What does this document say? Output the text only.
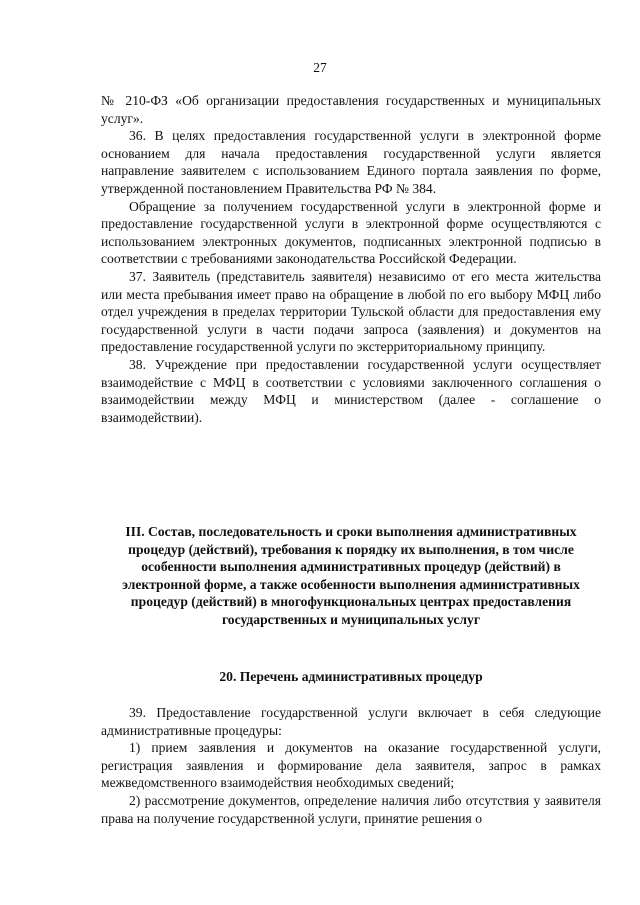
27

№ 210-ФЗ «Об организации предоставления государственных и муниципальных услуг».

36. В целях предоставления государственной услуги в электронной форме основанием для начала предоставления государственной услуги является направление заявителем с использованием Единого портала заявления по форме, утвержденной постановлением Правительства РФ № 384.

Обращение за получением государственной услуги в электронной форме и предоставление государственной услуги в электронной форме осуществляются с использованием электронных документов, подписанных электронной подписью в соответствии с требованиями законодательства Российской Федерации.

37. Заявитель (представитель заявителя) независимо от его места жительства или места пребывания имеет право на обращение в любой по его выбору МФЦ либо отдел учреждения в пределах территории Тульской области для предоставления ему государственной услуги в части подачи запроса (заявления) и документов на предоставление государственной услуги по экстерриториальному принципу.

38. Учреждение при предоставлении государственной услуги осуществляет взаимодействие с МФЦ в соответствии с условиями заключенного соглашения о взаимодействии между МФЦ и министерством (далее - соглашение о взаимодействии).

III. Состав, последовательность и сроки выполнения административных процедур (действий), требования к порядку их выполнения, в том числе особенности выполнения административных процедур (действий) в электронной форме, а также особенности выполнения административных процедур (действий) в многофункциональных центрах предоставления государственных и муниципальных услуг
20. Перечень административных процедур

39. Предоставление государственной услуги включает в себя следующие административные процедуры:

1) прием заявления и документов на оказание государственной услуги, регистрация заявления и формирование дела заявителя, запрос в рамках межведомственного взаимодействия необходимых сведений;

2) рассмотрение документов, определение наличия либо отсутствия у заявителя права на получение государственной услуги, принятие решения о
